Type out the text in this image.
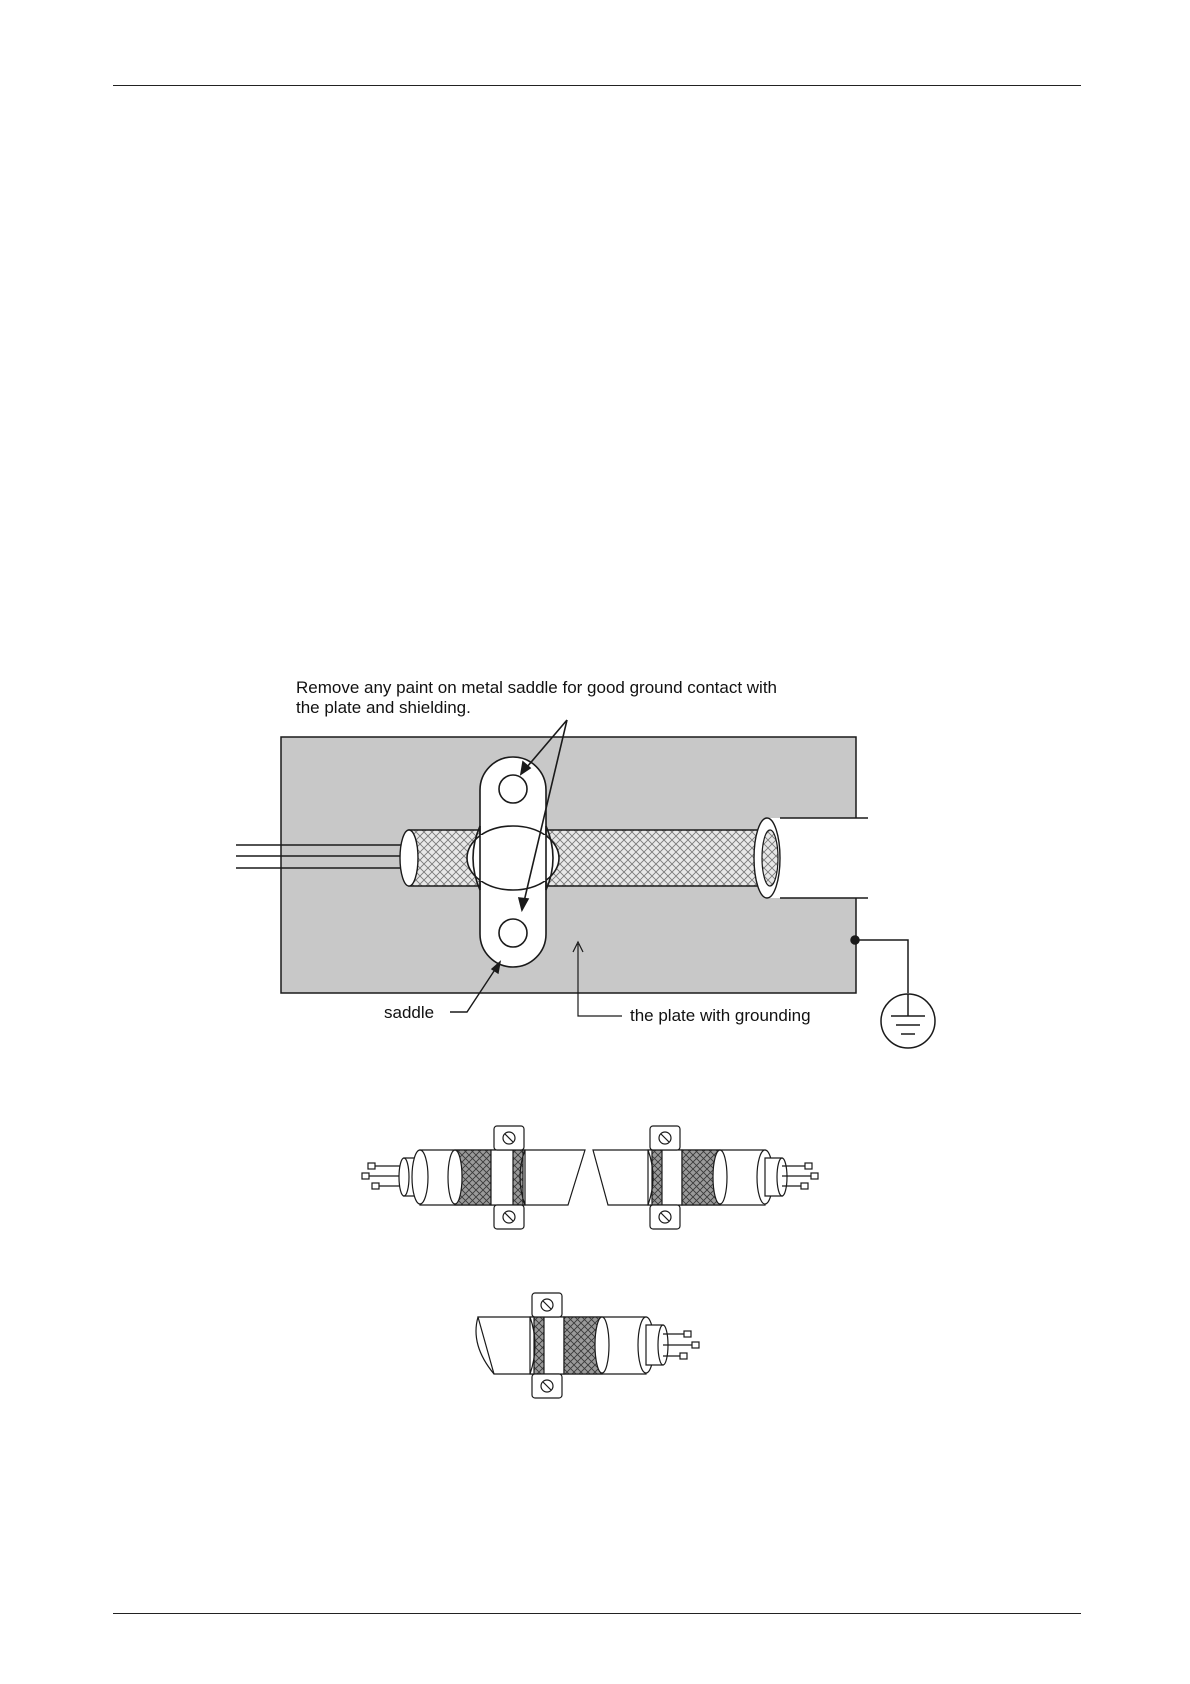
Remove any paint on metal saddle for good ground contact with
the plate and shielding.
saddle	the plate with grounding
